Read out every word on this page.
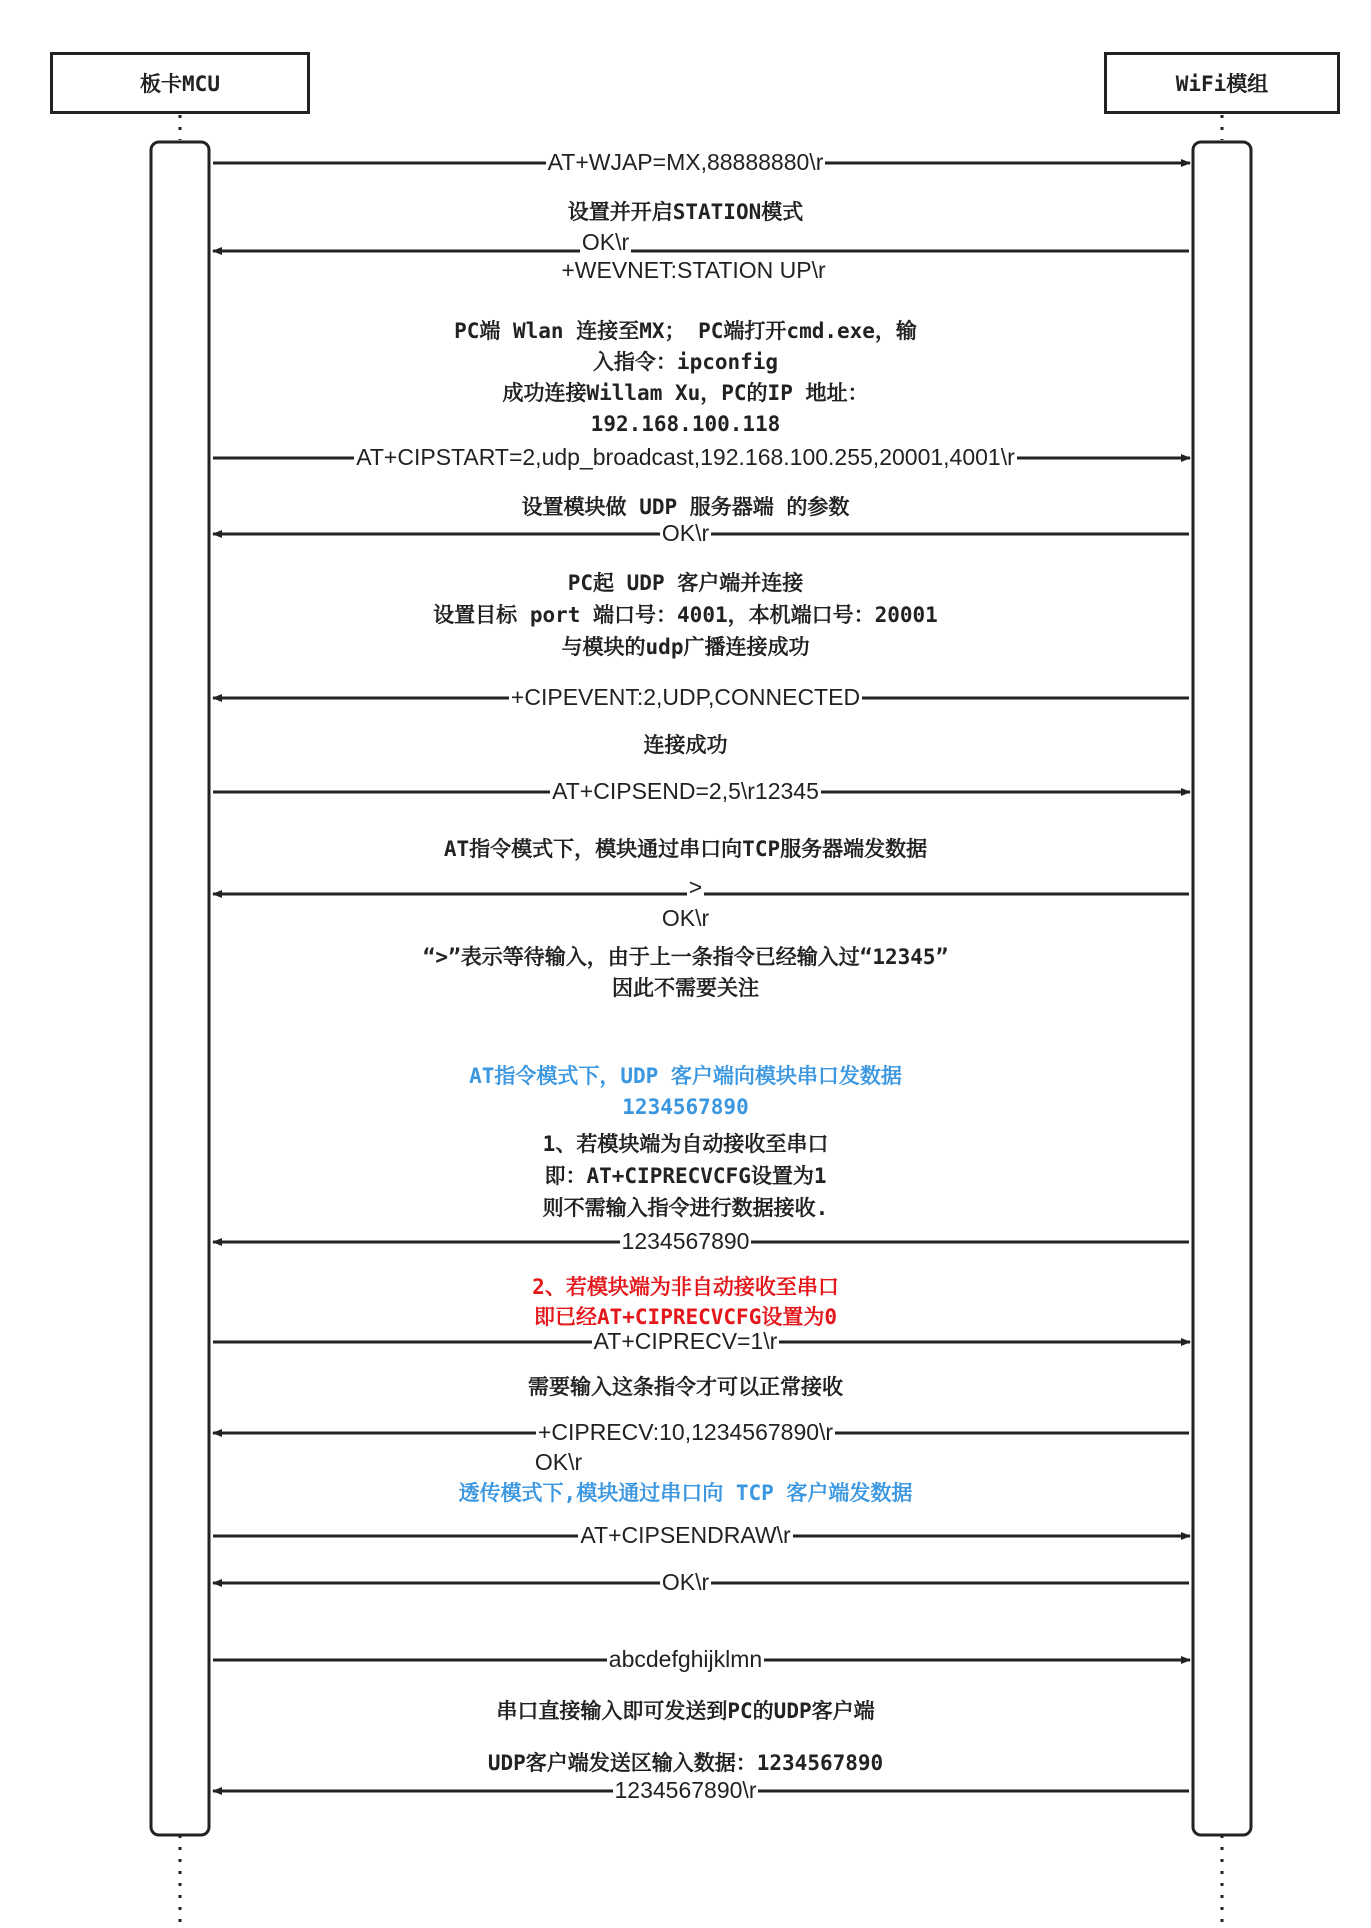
板卡MCU	WiFi模组
AT+WJAP=MX,88888880\r
OK\r
+WEVNET:STATION UP\r
AT+CIPSTART=2,udp_broadcast,192.168.100.255,20001,4001\r
OK\r
+CIPEVENT:2,UDP,CONNECTED
AT+CIPSEND=2,5\r12345
>
OK\r
1234567890
AT+CIPRECV=1\r
+CIPRECV:10,1234567890\r
OK\r
AT+CIPSENDRAW\r
OK\r
abcdefghijklmn
1234567890\r
设置并开启STATION模式
PC端 Wlan 连接至MX； PC端打开cmd.exe，输
入指令：ipconfig
成功连接Willam Xu，PC的IP 地址：
192.168.100.118
设置模块做 UDP 服务器端 的参数
PC起 UDP 客户端并连接
设置目标 port 端口号：4001，本机端口号：20001
与模块的udp广播连接成功
连接成功
AT指令模式下，模块通过串口向TCP服务器端发数据
“>”表示等待输入，由于上一条指令已经输入过“12345”
因此不需要关注
AT指令模式下，UDP 客户端向模块串口发数据
1234567890
1、若模块端为自动接收至串口
即：AT+CIPRECVCFG设置为1
则不需输入指令进行数据接收.
2、若模块端为非自动接收至串口
即已经AT+CIPRECVCFG设置为0
需要输入这条指令才可以正常接收
透传模式下,模块通过串口向 TCP 客户端发数据
串口直接输入即可发送到PC的UDP客户端
UDP客户端发送区输入数据：1234567890
